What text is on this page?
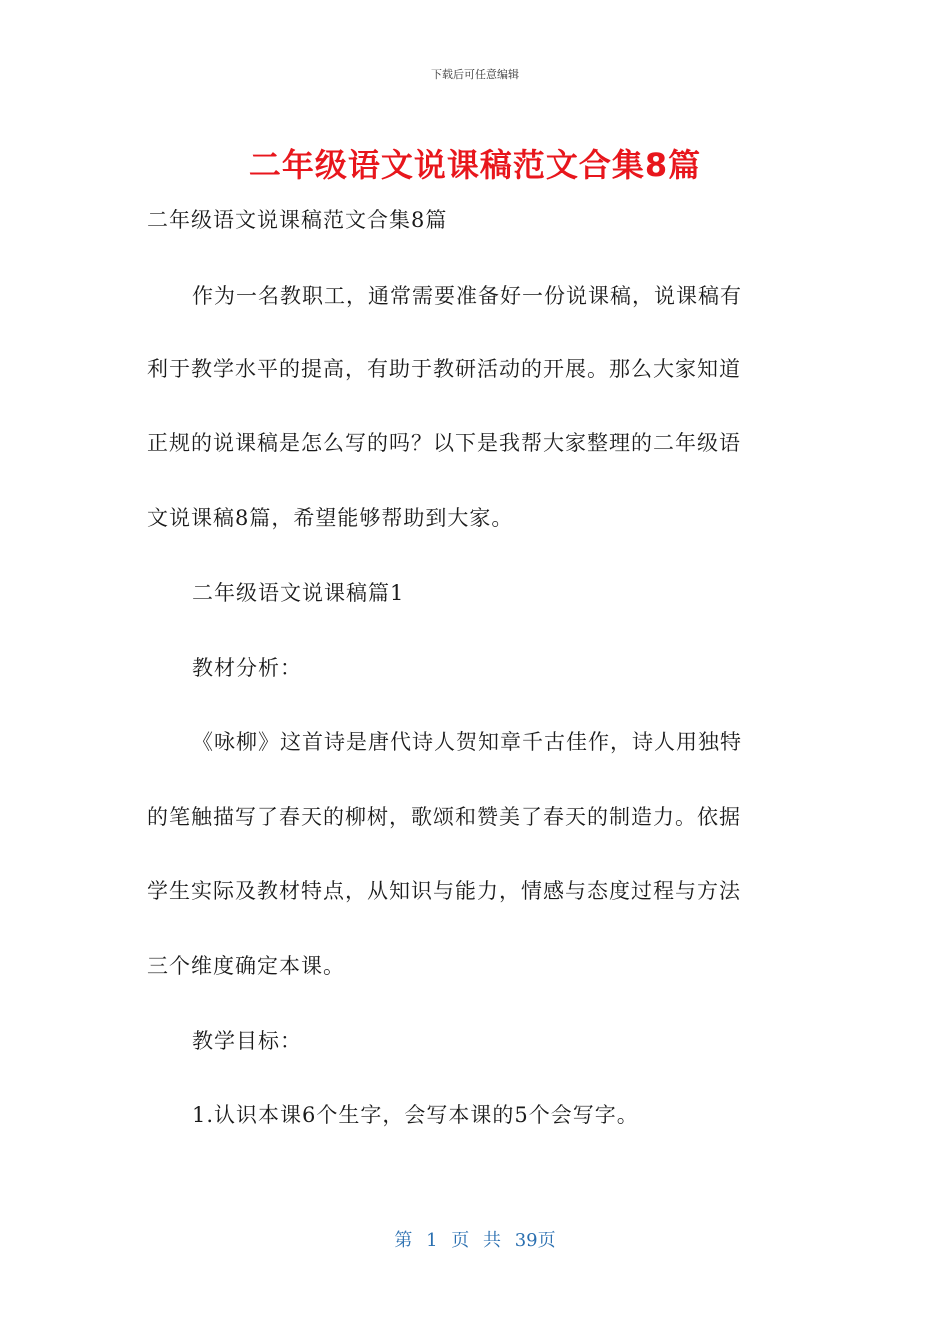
下载后可任意编辑
二年级语文说课稿范文合集8篇
二年级语文说课稿范文合集8篇
作为一名教职工，通常需要准备好一份说课稿，说课稿有
利于教学水平的提高，有助于教研活动的开展。那么大家知道
正规的说课稿是怎么写的吗？以下是我帮大家整理的二年级语
文说课稿8篇，希望能够帮助到大家。
二年级语文说课稿篇1
教材分析：
《咏柳》这首诗是唐代诗人贺知章千古佳作，诗人用独特
的笔触描写了春天的柳树，歌颂和赞美了春天的制造力。依据
学生实际及教材特点，从知识与能力，情感与态度过程与方法
三个维度确定本课。
教学目标：
1.认识本课6个生字，会写本课的5个会写字。
第 1 页 共 39页
